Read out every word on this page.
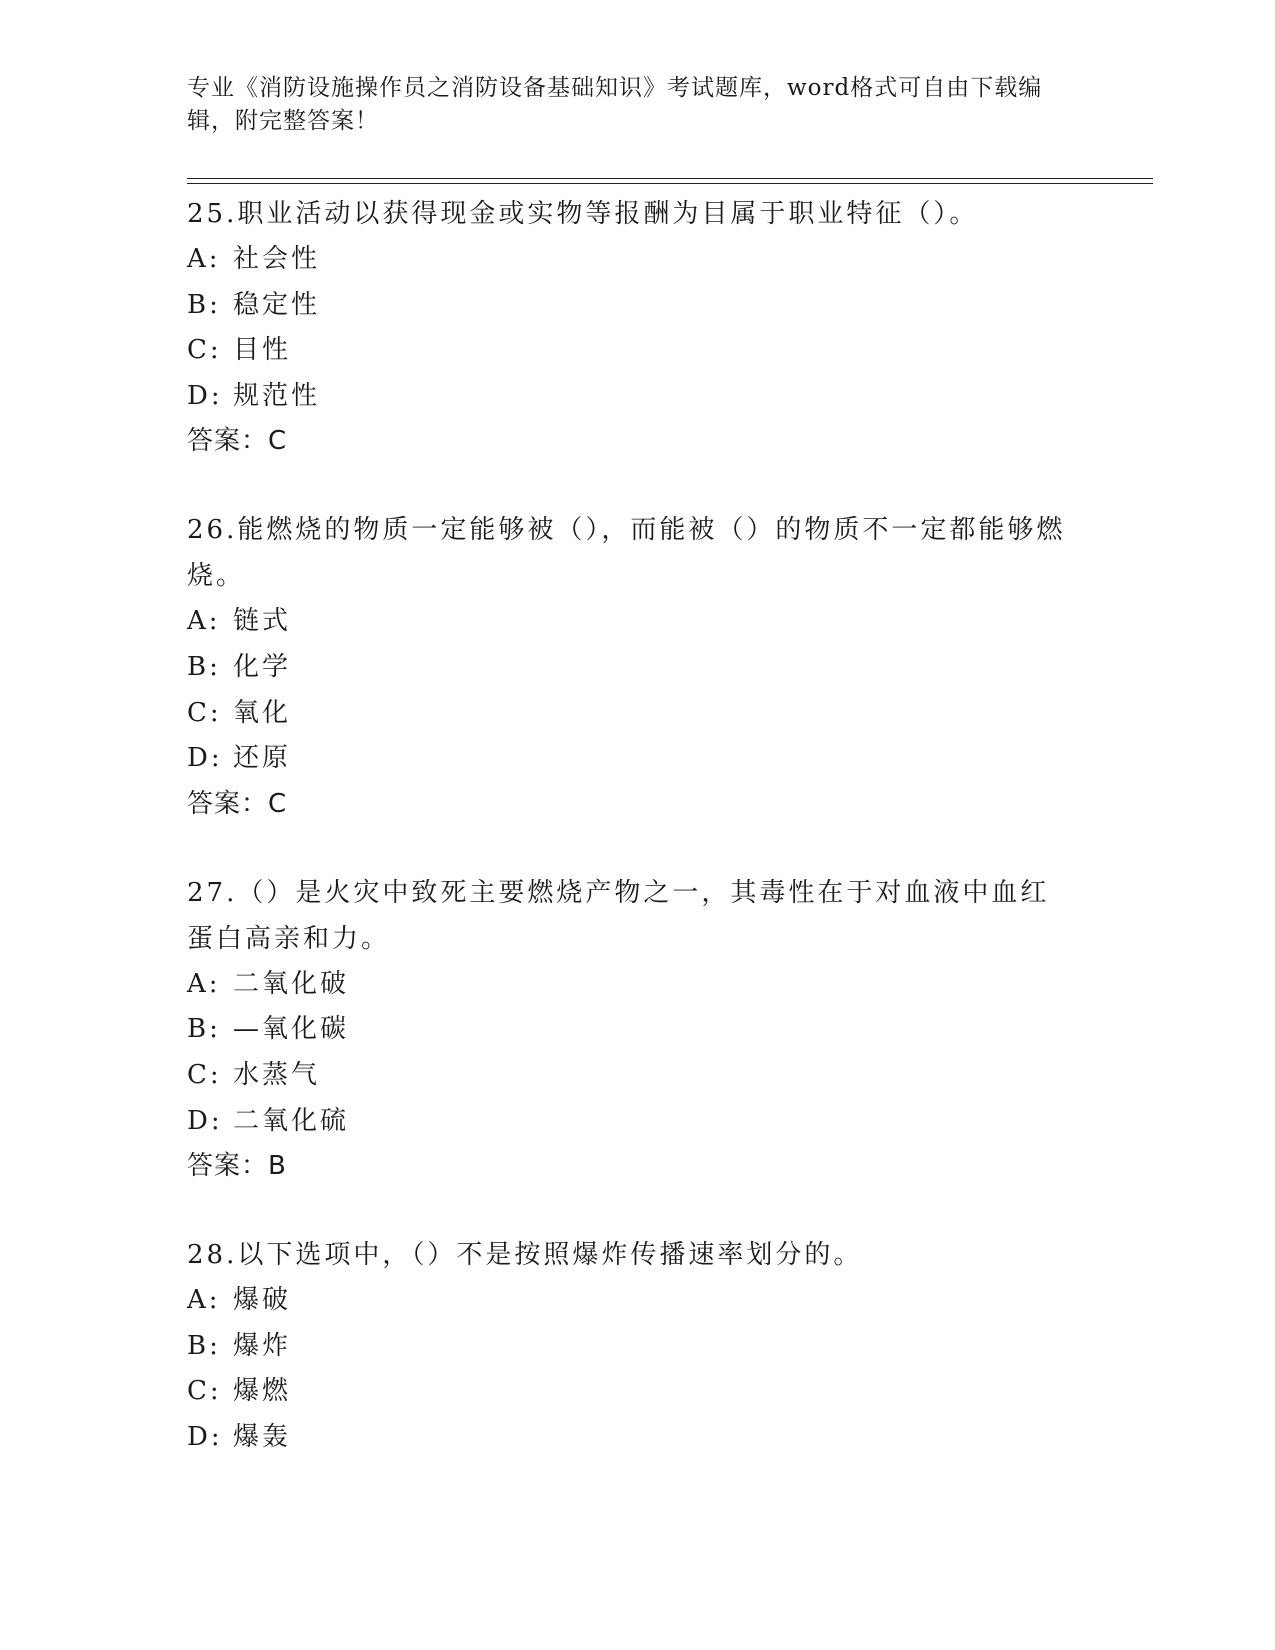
专业《消防设施操作员之消防设备基础知识》考试题库，word格式可自由下载编辑，附完整答案！
25.职业活动以获得现金或实物等报酬为目属于职业特征（）。
A: 社会性
B: 稳定性
C: 目性
D: 规范性
答案：C
26.能燃烧的物质一定能够被（），而能被（）的物质不一定都能够燃烧。
A: 链式
B: 化学
C: 氧化
D: 还原
答案：C
27.（）是火灾中致死主要燃烧产物之一，其毒性在于对血液中血红蛋白高亲和力。
A: 二氧化破
B: —氧化碳
C: 水蒸气
D: 二氧化硫
答案：B
28.以下选项中，（）不是按照爆炸传播速率划分的。
A: 爆破
B: 爆炸
C: 爆燃
D: 爆轰
